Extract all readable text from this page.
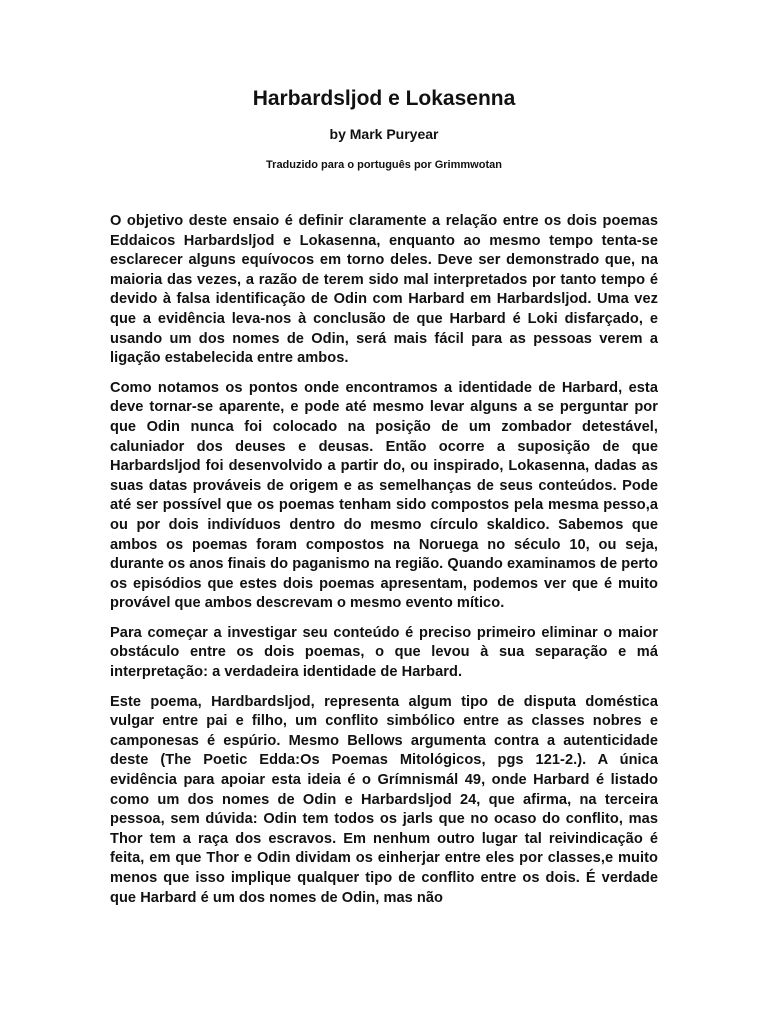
Harbardsljod e Lokasenna
by Mark Puryear
Traduzido para o português por Grimmwotan

O objetivo deste ensaio é definir claramente a relação entre os dois poemas Eddaicos Harbardsljod e Lokasenna, enquanto ao mesmo tempo tenta-se esclarecer alguns equívocos em torno deles. Deve ser demonstrado que, na maioria das vezes, a razão de terem sido mal interpretados por tanto tempo é devido à falsa identificação de Odin com Harbard em Harbardsljod. Uma vez que a evidência leva-nos à conclusão de que Harbard é Loki disfarçado, e usando um dos nomes de Odin, será mais fácil para as pessoas verem a ligação estabelecida entre ambos.

Como notamos os pontos onde encontramos a identidade de Harbard, esta deve tornar-se aparente, e pode até mesmo levar alguns a se perguntar por que Odin nunca foi colocado na posição de um zombador detestável, caluniador dos deuses e deusas. Então ocorre a suposição de que Harbardsljod foi desenvolvido a partir do, ou inspirado, Lokasenna, dadas as suas datas prováveis de origem e as semelhanças de seus conteúdos. Pode até ser possível que os poemas tenham sido compostos pela mesma pesso,a ou por dois indivíduos dentro do mesmo círculo skaldico. Sabemos que ambos os poemas foram compostos na Noruega no século 10, ou seja, durante os anos finais do paganismo na região. Quando examinamos de perto os episódios que estes dois poemas apresentam, podemos ver que é muito provável que ambos descrevam o mesmo evento mítico.

Para começar a investigar seu conteúdo é preciso primeiro eliminar o maior obstáculo entre os dois poemas, o que levou à sua separação e má interpretação: a verdadeira identidade de Harbard.

Este poema, Hardbardsljod, representa algum tipo de disputa doméstica vulgar entre pai e filho, um conflito simbólico entre as classes nobres e camponesas é espúrio. Mesmo Bellows argumenta contra a autenticidade deste (The Poetic Edda:Os Poemas Mitológicos, pgs 121-2.). A única evidência para apoiar esta ideia é o Grímnismál 49, onde Harbard é listado como um dos nomes de Odin e Harbardsljod 24, que afirma, na terceira pessoa, sem dúvida: Odin tem todos os jarls que no ocaso do conflito, mas Thor tem a raça dos escravos. Em nenhum outro lugar tal reivindicação é feita, em que Thor e Odin dividam os einherjar entre eles por classes,e muito menos que isso implique qualquer tipo de conflito entre os dois. É verdade que Harbard é um dos nomes de Odin, mas não
